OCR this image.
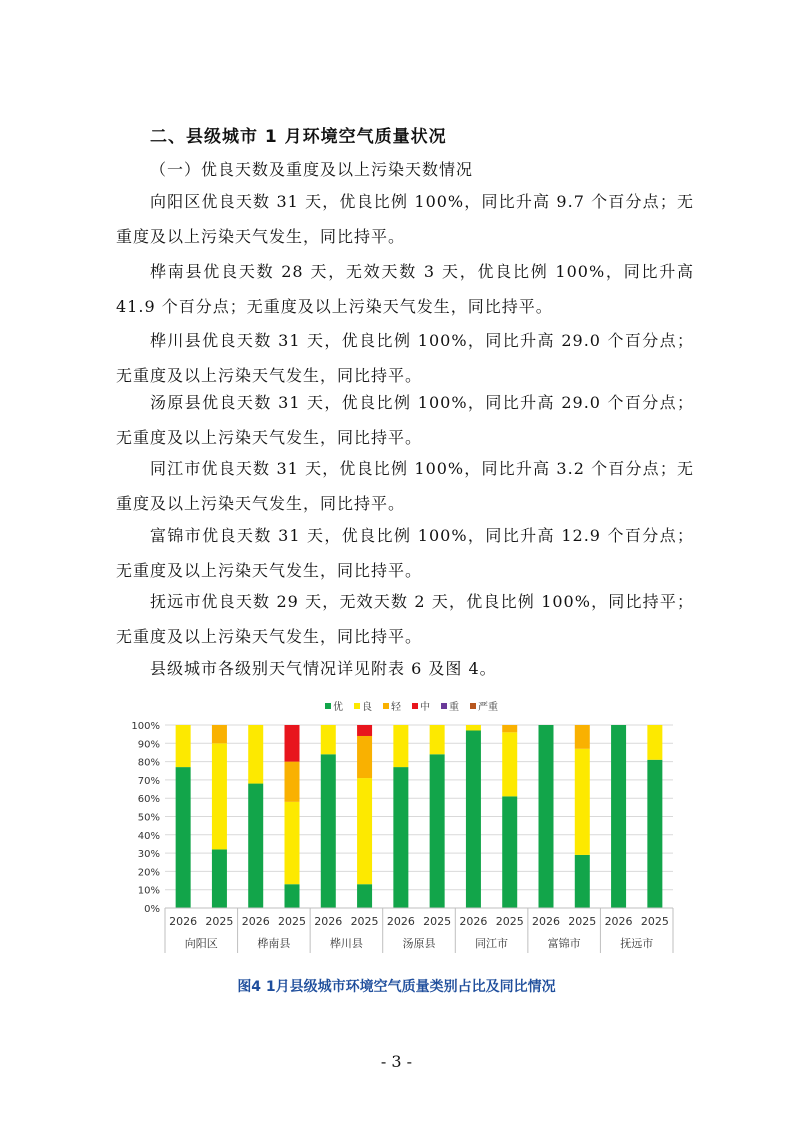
二、县级城市 1 月环境空气质量状况
（一）优良天数及重度及以上污染天数情况

向阳区优良天数 31 天，优良比例 100%，同比升高 9.7 个百分点；无重度及以上污染天气发生，同比持平。

桦南县优良天数 28 天，无效天数 3 天，优良比例 100%，同比升高 41.9 个百分点；无重度及以上污染天气发生，同比持平。

桦川县优良天数 31 天，优良比例 100%，同比升高 29.0 个百分点；无重度及以上污染天气发生，同比持平。

汤原县优良天数 31 天，优良比例 100%，同比升高 29.0 个百分点；无重度及以上污染天气发生，同比持平。

同江市优良天数 31 天，优良比例 100%，同比升高 3.2 个百分点；无重度及以上污染天气发生，同比持平。

富锦市优良天数 31 天，优良比例 100%，同比升高 12.9 个百分点；无重度及以上污染天气发生，同比持平。

抚远市优良天数 29 天，无效天数 2 天，优良比例 100%，同比持平；无重度及以上污染天气发生，同比持平。

县级城市各级别天气情况详见附表 6 及图 4。

0%
10%
20%
30%
40%
50%
60%
70%
80%
90%
100%
优 良 轻 中 重 严重
2026 2025 2026 2025 2026 2025 2026 2025 2026 2025 2026 2025 2026 2025
向阳区	桦南县	桦川县	汤原县	同江市	富锦市	抚远市
图4 1月县级城市环境空气质量类别占比及同比情况
- 3 -
